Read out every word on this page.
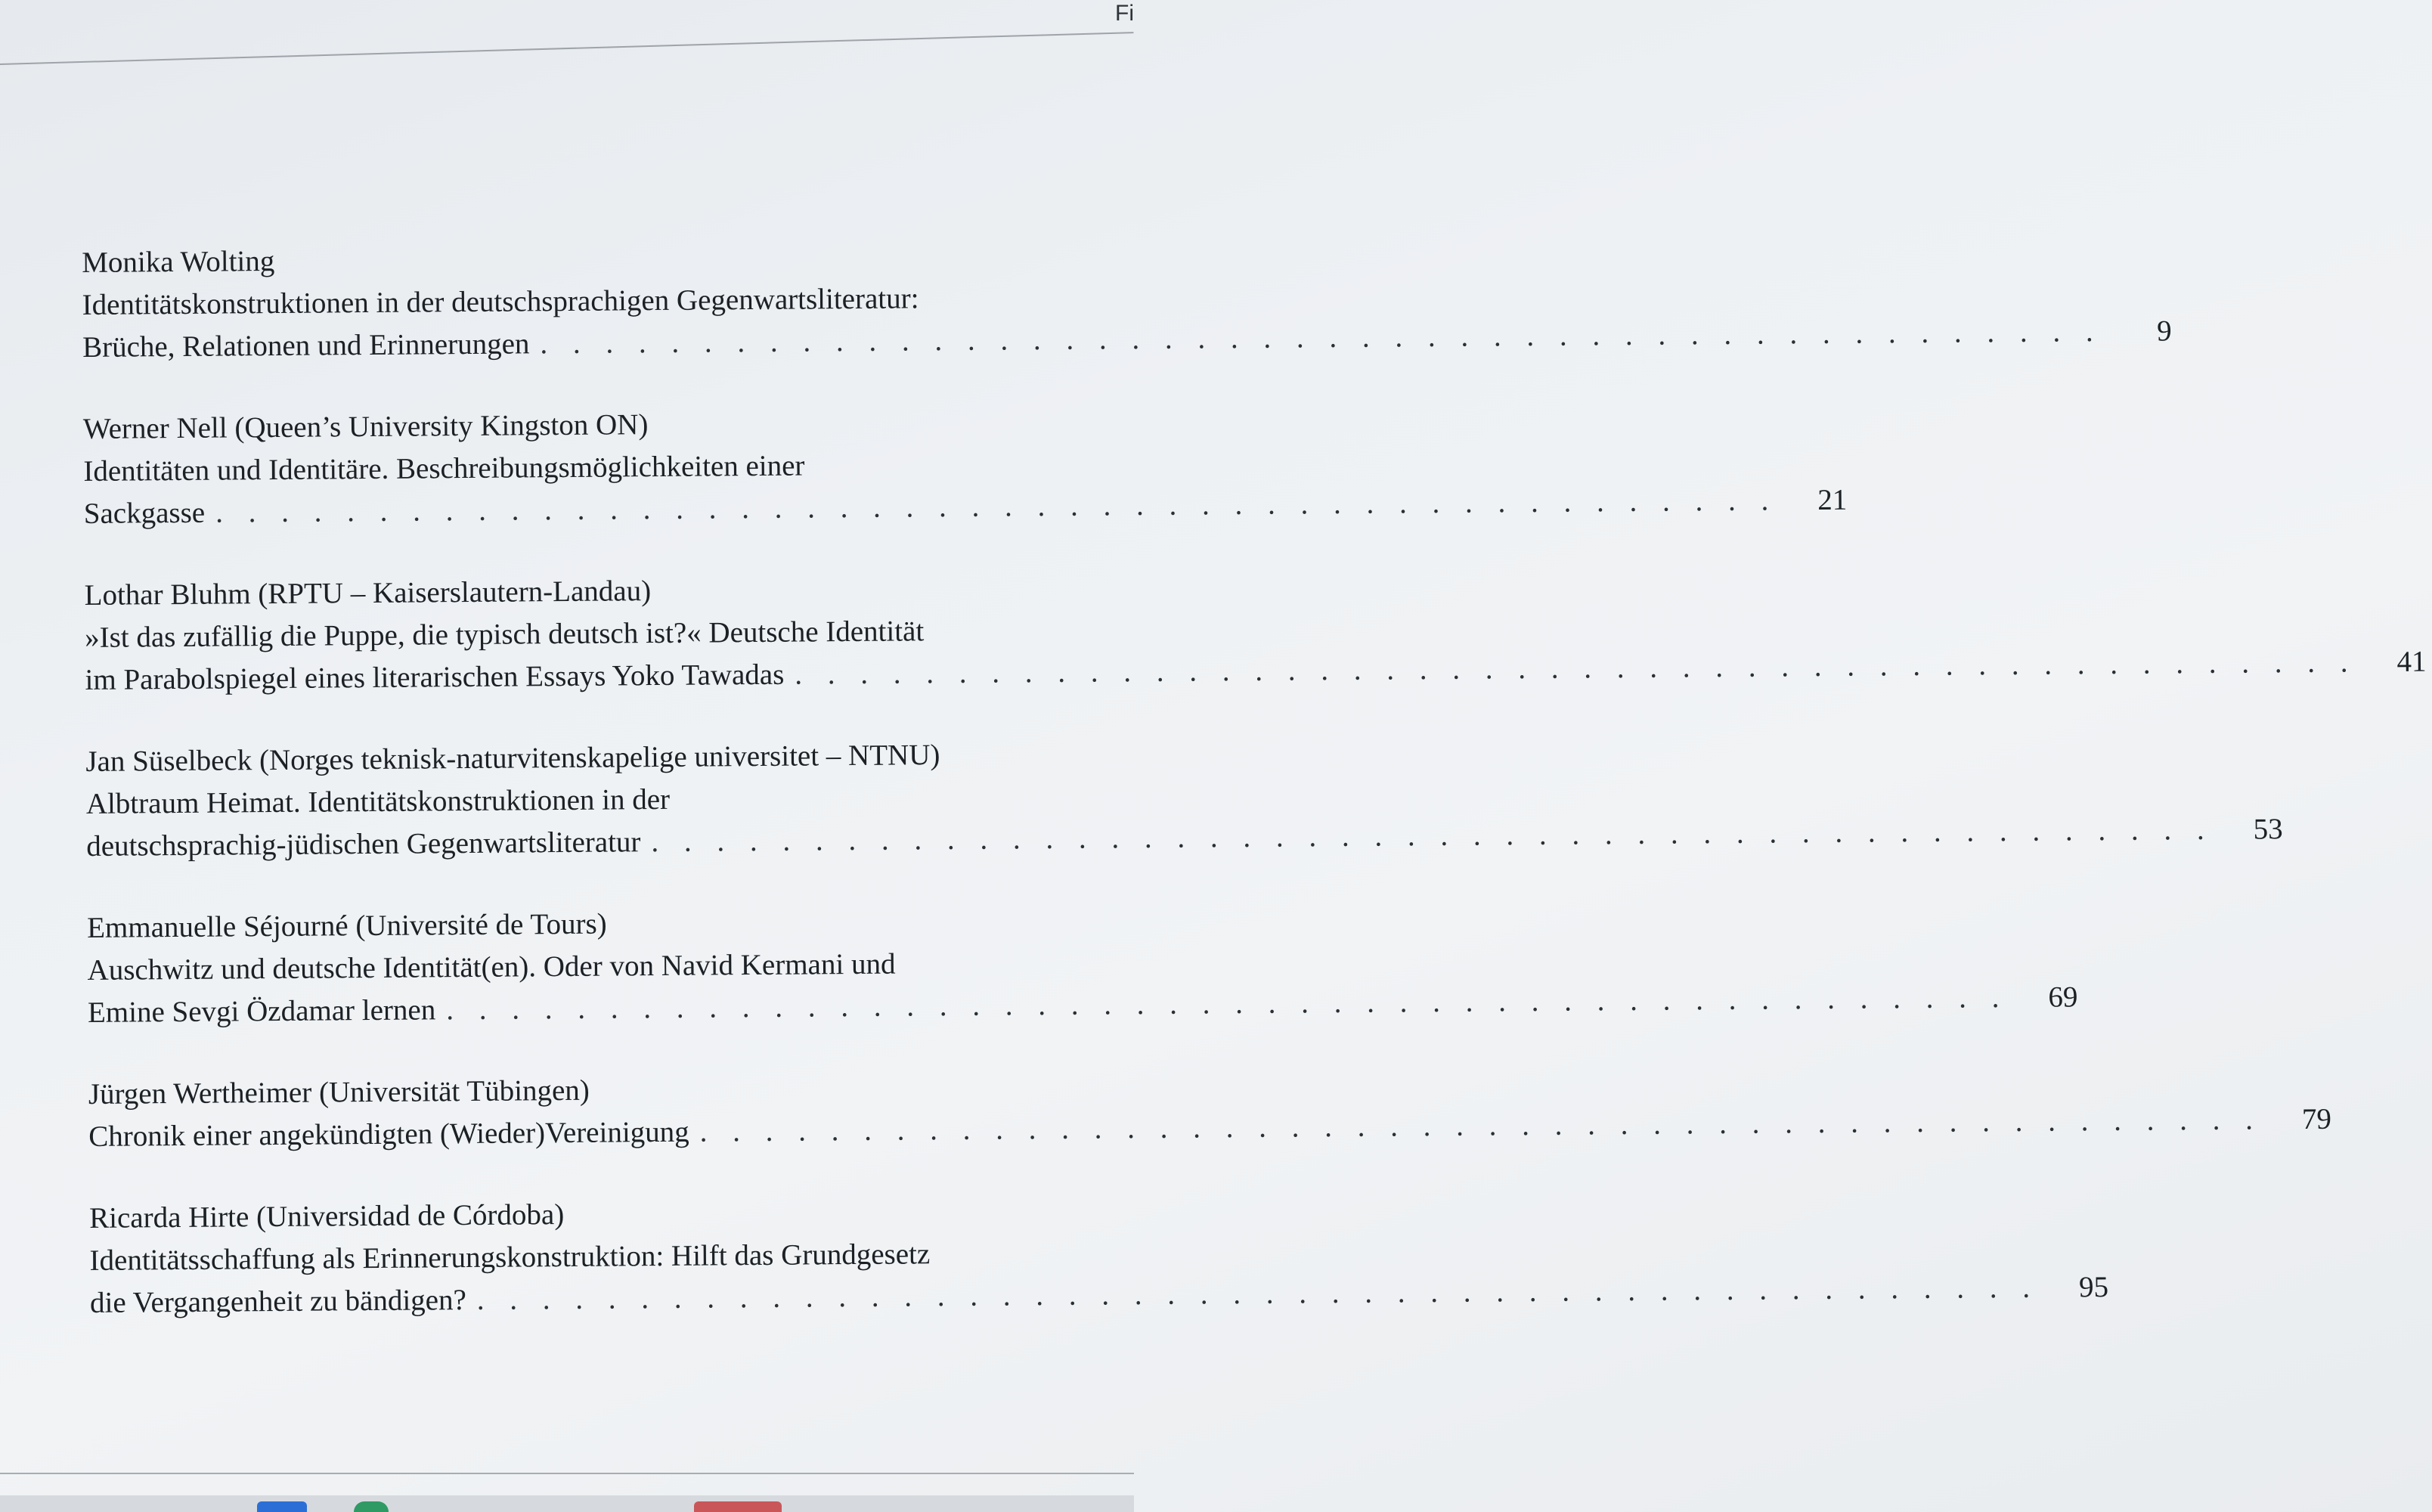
Fi
Monika Wolting
Identitätskonstruktionen in der deutschsprachigen Gegenwartsliteratur:
Brüche, Relationen und Erinnerungen . . . . . . . . . . . . . . . . . . . . . . . . . . . . . . . . . . . . . . . . . . . . . . . .	9
Werner Nell (Queen’s University Kingston ON)
Identitäten und Identitäre. Beschreibungsmöglichkeiten einer
Sackgasse . . . . . . . . . . . . . . . . . . . . . . . . . . . . . . . . . . . . . . . . . . . . . . . .	21
Lothar Bluhm (RPTU – Kaiserslautern-Landau)
»Ist das zufällig die Puppe, die typisch deutsch ist?« Deutsche Identität
im Parabolspiegel eines literarischen Essays Yoko Tawadas . . . . . . . . . . . . . . . . . . . . . . . . . . . . . . . . . . . . . . . . . . . . . . . .	41
Jan Süselbeck (Norges teknisk-naturvitenskapelige universitet – NTNU)
Albtraum Heimat. Identitätskonstruktionen in der
deutschsprachig-jüdischen Gegenwartsliteratur . . . . . . . . . . . . . . . . . . . . . . . . . . . . . . . . . . . . . . . . . . . . . . . .	53
Emmanuelle Séjourné (Université de Tours)
Auschwitz und deutsche Identität(en). Oder von Navid Kermani und
Emine Sevgi Özdamar lernen . . . . . . . . . . . . . . . . . . . . . . . . . . . . . . . . . . . . . . . . . . . . . . . .	69
Jürgen Wertheimer (Universität Tübingen)
Chronik einer angekündigten (Wieder)Vereinigung . . . . . . . . . . . . . . . . . . . . . . . . . . . . . . . . . . . . . . . . . . . . . . . .	79
Ricarda Hirte (Universidad de Córdoba)
Identitätsschaffung als Erinnerungskonstruktion: Hilft das Grundgesetz
die Vergangenheit zu bändigen? . . . . . . . . . . . . . . . . . . . . . . . . . . . . . . . . . . . . . . . . . . . . . . . .	95
